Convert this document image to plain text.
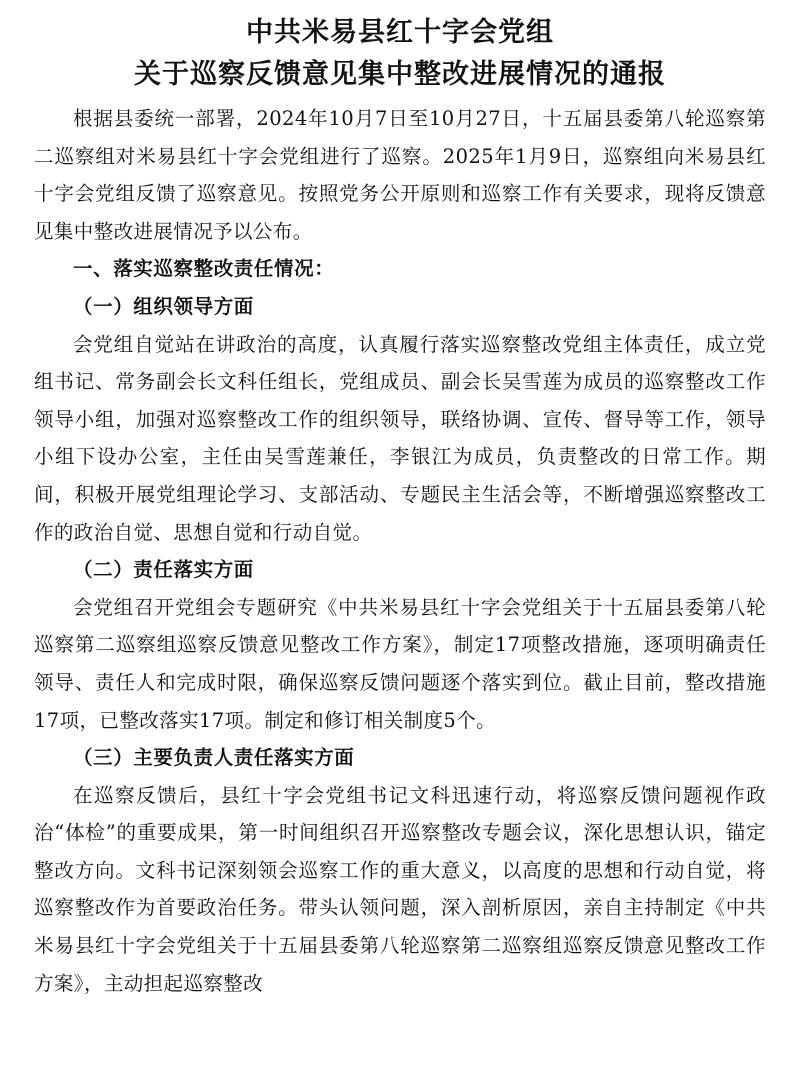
中共米易县红十字会党组
关于巡察反馈意见集中整改进展情况的通报

根据县委统一部署，2024年10月7日至10月27日，十五届县委第八轮巡察第二巡察组对米易县红十字会党组进行了巡察。2025年1月9日，巡察组向米易县红十字会党组反馈了巡察意见。按照党务公开原则和巡察工作有关要求，现将反馈意见集中整改进展情况予以公布。

一、落实巡察整改责任情况：
（一）组织领导方面

会党组自觉站在讲政治的高度，认真履行落实巡察整改党组主体责任，成立党组书记、常务副会长文科任组长，党组成员、副会长吴雪莲为成员的巡察整改工作领导小组，加强对巡察整改工作的组织领导，联络协调、宣传、督导等工作，领导小组下设办公室，主任由吴雪莲兼任，李银江为成员，负责整改的日常工作。期间，积极开展党组理论学习、支部活动、专题民主生活会等，不断增强巡察整改工作的政治自觉、思想自觉和行动自觉。

（二）责任落实方面

会党组召开党组会专题研究《中共米易县红十字会党组关于十五届县委第八轮巡察第二巡察组巡察反馈意见整改工作方案》，制定17项整改措施，逐项明确责任领导、责任人和完成时限，确保巡察反馈问题逐个落实到位。截止目前，整改措施17项，已整改落实17项。制定和修订相关制度5个。

（三）主要负责人责任落实方面

在巡察反馈后，县红十字会党组书记文科迅速行动，将巡察反馈问题视作政治“体检”的重要成果，第一时间组织召开巡察整改专题会议，深化思想认识，锚定整改方向。文科书记深刻领会巡察工作的重大意义，以高度的思想和行动自觉，将巡察整改作为首要政治任务。带头认领问题，深入剖析原因，亲自主持制定《中共米易县红十字会党组关于十五届县委第八轮巡察第二巡察组巡察反馈意见整改工作方案》，主动担起巡察整改
